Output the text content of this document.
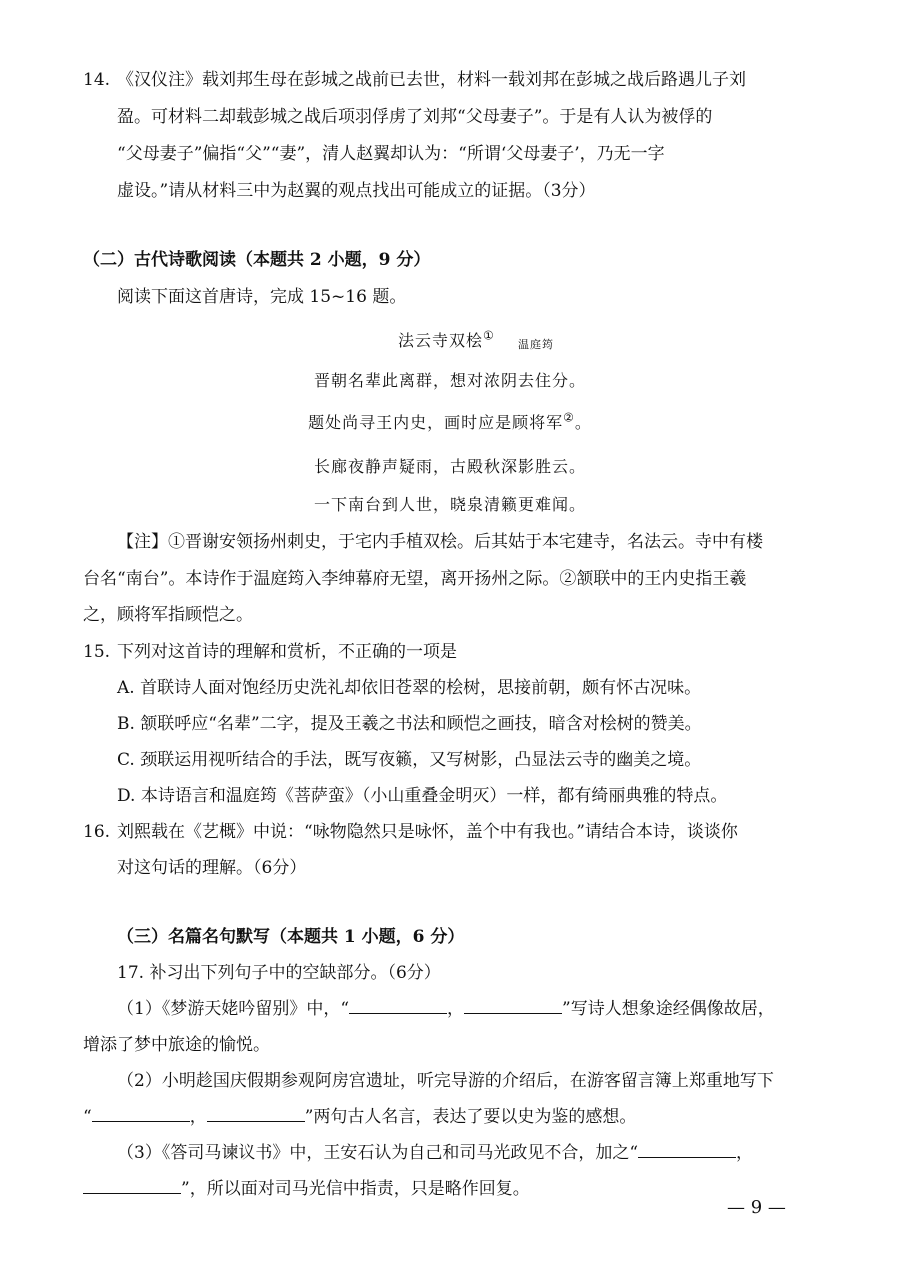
14. 《汉仪注》载刘邦生母在彭城之战前已去世，材料一载刘邦在彭城之战后路遇儿子刘
盈。可材料二却载彭城之战后项羽俘虏了刘邦“父母妻子”。于是有人认为被俘的
“父母妻子”偏指“父”“妻”，清人赵翼却认为：“所谓‘父母妻子’，乃无一字
虚设。”请从材料三中为赵翼的观点找出可能成立的证据。（3分）
（二）古代诗歌阅读（本题共 2 小题，9 分）
阅读下面这首唐诗，完成 15~16 题。
法云寺双桧①
温庭筠
晋朝名辈此离群，想对浓阴去住分。
题处尚寻王内史，画时应是顾将军②。
长廊夜静声疑雨，古殿秋深影胜云。
一下南台到人世，晓泉清籁更难闻。
【注】①晋谢安领扬州刺史，于宅内手植双桧。后其姑于本宅建寺，名法云。寺中有楼
台名“南台”。本诗作于温庭筠入李绅幕府无望，离开扬州之际。②颔联中的王内史指王羲
之，顾将军指顾恺之。
15. 下列对这首诗的理解和赏析，不正确的一项是
A. 首联诗人面对饱经历史洗礼却依旧苍翠的桧树，思接前朝，颇有怀古况味。
B. 颔联呼应“名辈”二字，提及王羲之书法和顾恺之画技，暗含对桧树的赞美。
C. 颈联运用视听结合的手法，既写夜籁，又写树影，凸显法云寺的幽美之境。
D. 本诗语言和温庭筠《菩萨蛮》（小山重叠金明灭）一样，都有绮丽典雅的特点。
16. 刘熙载在《艺概》中说：“咏物隐然只是咏怀，盖个中有我也。”请结合本诗，谈谈你
对这句话的理解。（6分）
（三）名篇名句默写（本题共 1 小题，6 分）
17. 补习出下列句子中的空缺部分。（6分）
（1）《梦游天姥吟留别》中，“	，	”写诗人想象途经偶像故居，
增添了梦中旅途的愉悦。
（2）小明趁国庆假期参观阿房宫遗址，听完导游的介绍后，在游客留言簿上郑重地写下
“	，	”两句古人名言，表达了要以史为鉴的感想。
（3）《答司马谏议书》中，王安石认为自己和司马光政见不合，加之“	，
”，所以面对司马光信中指责，只是略作回复。
— 9 —
